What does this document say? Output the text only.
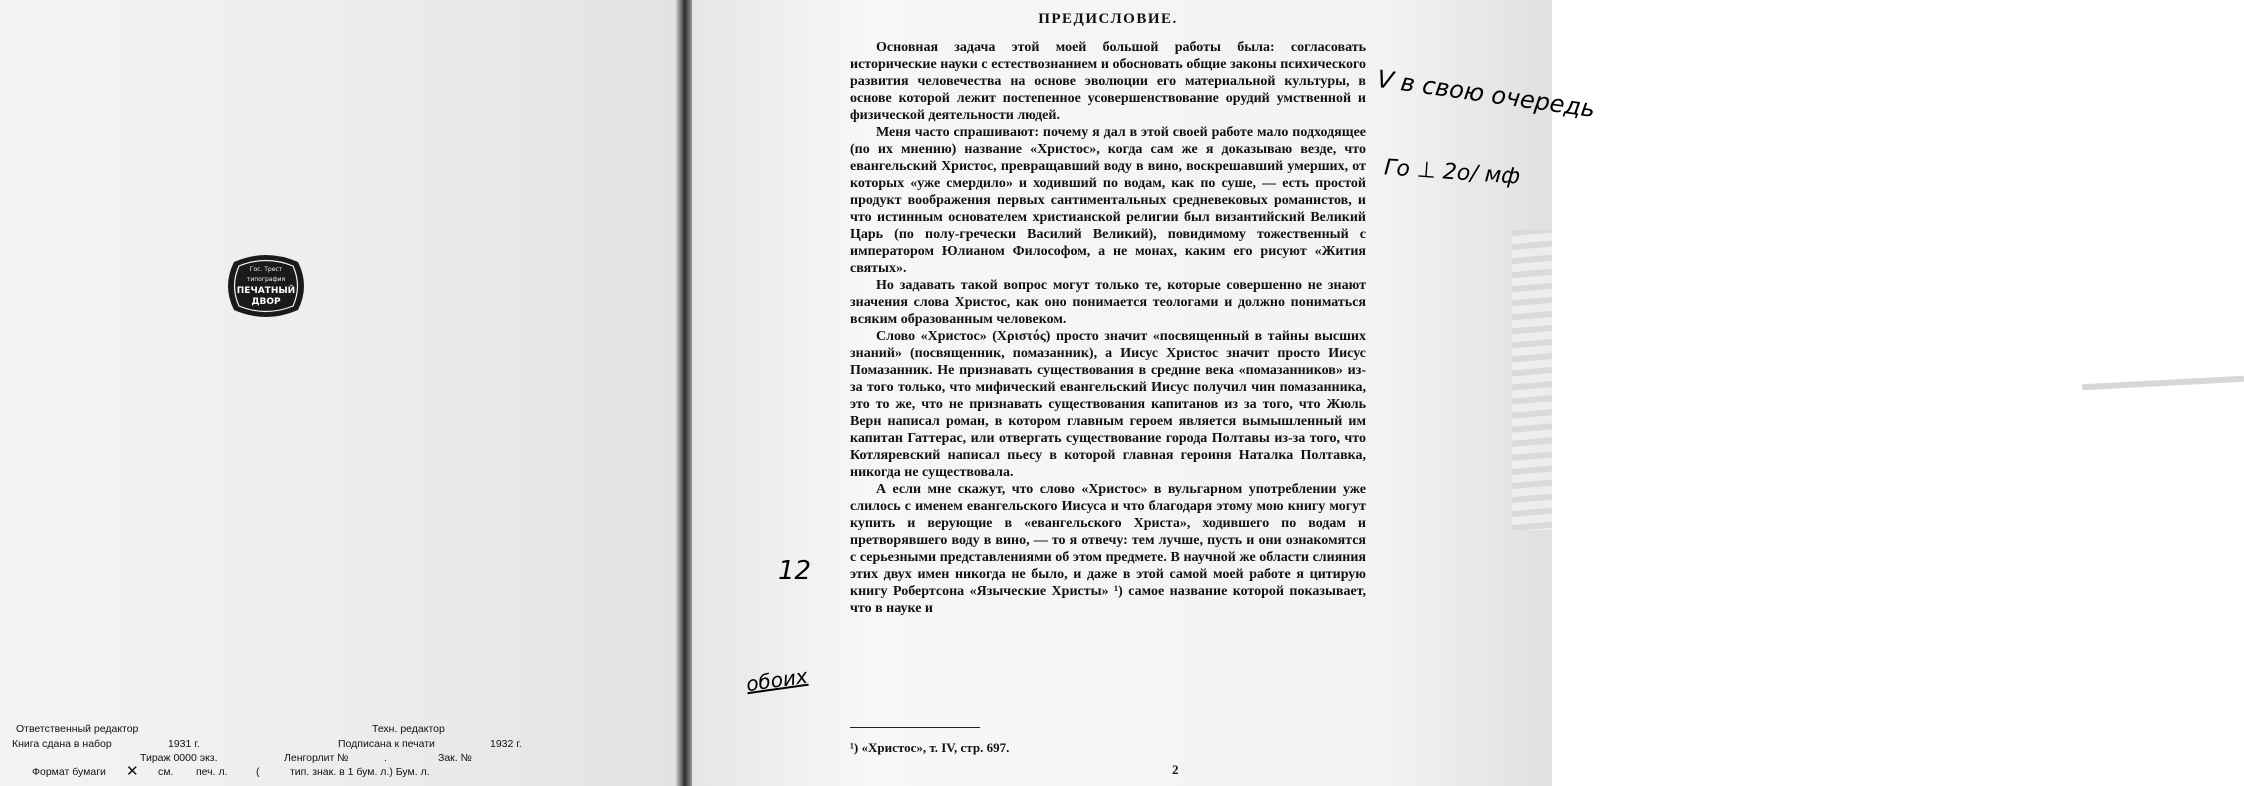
Гос. Трест
типография
ПЕЧАТНЫЙ
ДВОР
Ответственный редактор	Техн. редактор
Книга сдана в набор	1931 г.	Подписана к печати	1932 г.
Тираж 0000 экз.	Ленгорлит №	.	Зак. №
Формат бумаги ✕ см. печ. л.	(	тип. знак. в 1 бум. л.) Бум. л.
ПРЕДИСЛОВИЕ.

Основная задача этой моей большой работы была: согласовать исторические науки с естествознанием и обосновать общие законы психического развития человечества на основе эволюции его материальной культуры, в основе которой лежит постепенное усовершенствование орудий умственной и физической деятельности людей.

Меня часто спрашивают: почему я дал в этой своей работе мало подходящее (по их мнению) название «Христос», когда сам же я доказываю везде, что евангельский Христос, превращавший воду в вино, воскрешавший умерших, от которых «уже смердило» и ходивший по водам, как по суше, — есть простой продукт воображения первых сантиментальных средневековых романистов, и что истинным основателем христианской религии был византийский Великий Царь (по полу-гречески Василий Великий), повидимому тожественный с императором Юлианом Философом, а не монах, каким его рисуют «Жития святых».

Но задавать такой вопрос могут только те, которые совершенно не знают значения слова Христос, как оно понимается теологами и должно пониматься всяким образованным человеком.

Слово «Христос» (Χριστός) просто значит «посвященный в тайны высших знаний» (посвященник, помазанник), а Иисус Христос значит просто Иисус Помазанник. Не признавать существования в средние века «помазанников» из-за того только, что мифический евангельский Иисус получил чин помазанника, это то же, что не признавать существования капитанов из за того, что Жюль Верн написал роман, в котором главным героем является вымышленный им капитан Гаттерас, или отвергать существование города Полтавы из-за того, что Котляревский написал пьесу в которой главная героиня Наталка Полтавка, никогда не существовала.

А если мне скажут, что слово «Христос» в вульгарном употреблении уже слилось с именем евангельского Иисуса и что благодаря этому мою книгу могут купить и верующие в «евангельского Христа», ходившего по водам и претворявшего воду в вино, — то я отвечу: тем лучше, пусть и они ознакомятся с серьезными представлениями об этом предмете. В научной же области слияния этих двух имен никогда не было, и даже в этой самой моей работе я цитирую книгу Робертсона «Языческие Христы» ¹) самое название которой показывает, что в науке и

¹) «Христос», т. IV, стр. 697.
2
V в свою очередь
Го ⊥ 2о/ мф
12
обоих
